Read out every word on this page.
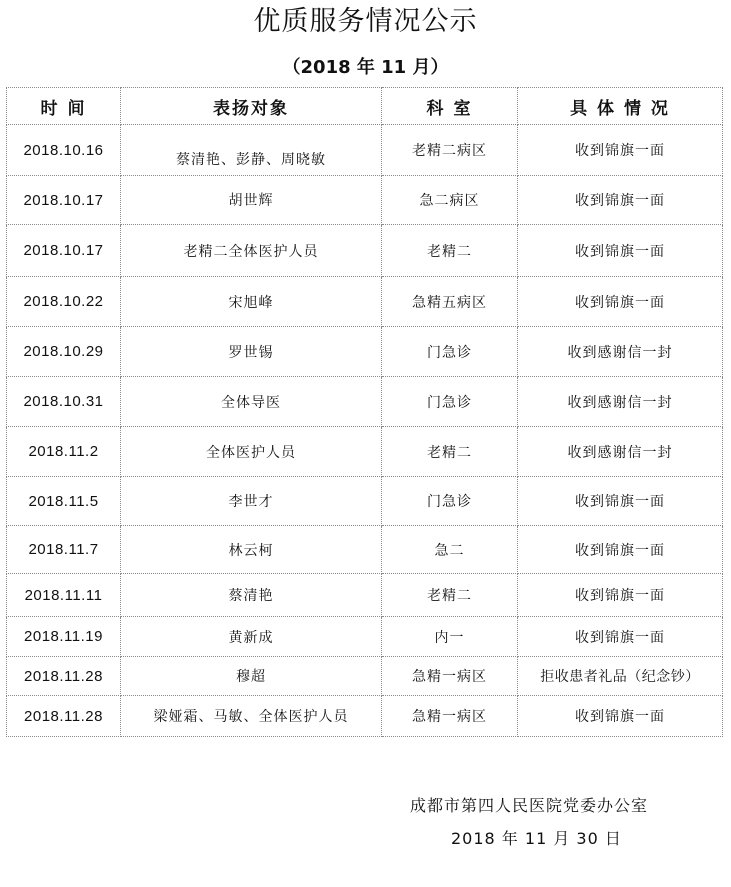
优质服务情况公示
（2018 年 11 月）
时 间	表扬对象	科 室	具 体 情 况
2018.10.16	蔡清艳、彭静、周晓敏	老精二病区	收到锦旗一面
2018.10.17	胡世辉	急二病区	收到锦旗一面
2018.10.17	老精二全体医护人员	老精二	收到锦旗一面
2018.10.22	宋旭峰	急精五病区	收到锦旗一面
2018.10.29	罗世锡	门急诊	收到感谢信一封
2018.10.31	全体导医	门急诊	收到感谢信一封
2018.11.2	全体医护人员	老精二	收到感谢信一封
2018.11.5	李世才	门急诊	收到锦旗一面
2018.11.7	林云柯	急二	收到锦旗一面
2018.11.11	蔡清艳	老精二	收到锦旗一面
2018.11.19	黄新成	内一	收到锦旗一面
2018.11.28	穆超	急精一病区	拒收患者礼品（纪念钞）
2018.11.28	梁娅霜、马敏、全体医护人员	急精一病区	收到锦旗一面
成都市第四人民医院党委办公室
2018 年 11 月 30 日
